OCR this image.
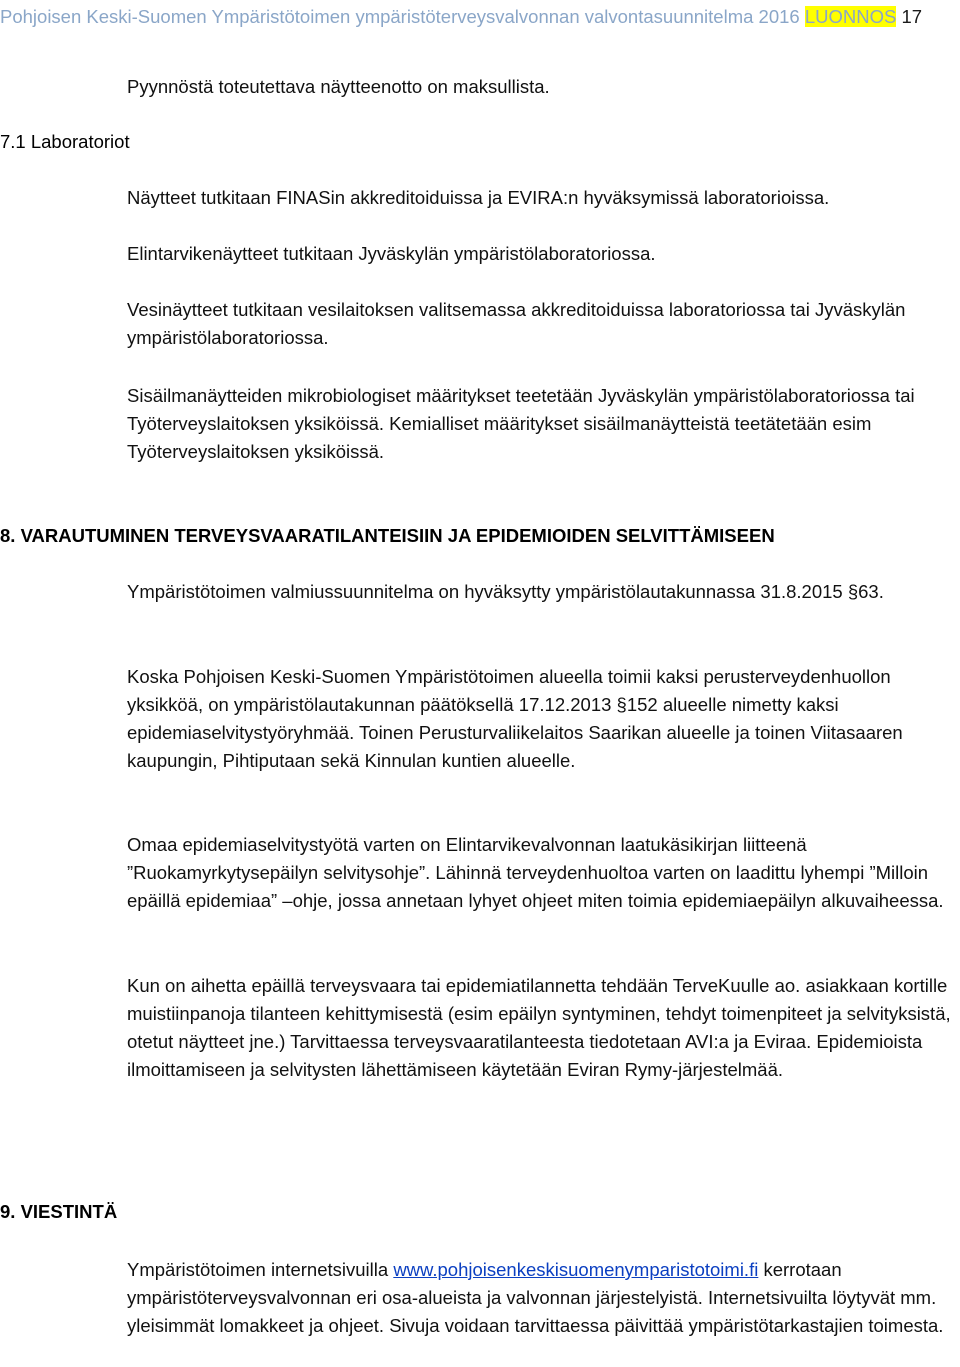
Pohjoisen Keski-Suomen Ympäristötoimen ympäristöterveysvalvonnan valvontasuunnitelma 2016 LUONNOS 17

Pyynnöstä toteutettava näytteenotto on maksullista.

7.1 Laboratoriot

Näytteet tutkitaan FINASin akkreditoiduissa ja EVIRA:n hyväksymissä laboratorioissa.

Elintarvikenäytteet tutkitaan Jyväskylän ympäristölaboratoriossa.

Vesinäytteet tutkitaan vesilaitoksen valitsemassa akkreditoiduissa laboratoriossa tai Jyväskylän ympäristölaboratoriossa.

Sisäilmanäytteiden mikrobiologiset määritykset teetetään Jyväskylän ympäristölaboratoriossa tai Työterveyslaitoksen yksiköissä. Kemialliset määritykset sisäilmanäytteistä teetätetään esim Työterveyslaitoksen yksiköissä.

8. VARAUTUMINEN TERVEYSVAARATILANTEISIIN JA EPIDEMIOIDEN SELVITTÄMISEEN

Ympäristötoimen valmiussuunnitelma on hyväksytty ympäristölautakunnassa 31.8.2015 §63.

Koska Pohjoisen Keski-Suomen Ympäristötoimen alueella toimii kaksi perusterveydenhuollon yksikköä, on ympäristölautakunnan päätöksellä 17.12.2013 §152 alueelle nimetty kaksi epidemiaselvitystyöryhmää. Toinen Perusturvaliikelaitos Saarikan alueelle ja toinen Viitasaaren kaupungin, Pihtiputaan sekä Kinnulan kuntien alueelle.

Omaa epidemiaselvitystyötä varten on Elintarvikevalvonnan laatukäsikirjan liitteenä ”Ruokamyrkytysepäilyn selvitysohje”. Lähinnä terveydenhuoltoa varten on laadittu lyhempi ”Milloin epäillä epidemiaa” –ohje, jossa annetaan lyhyet ohjeet miten toimia epidemiaepäilyn alkuvaiheessa.

Kun on aihetta epäillä terveysvaara tai epidemiatilannetta tehdään TerveKuulle ao. asiakkaan kortille muistiinpanoja tilanteen kehittymisestä (esim epäilyn syntyminen, tehdyt toimenpiteet ja selvityksistä, otetut näytteet jne.) Tarvittaessa terveysvaaratilanteesta tiedotetaan AVI:a ja Eviraa. Epidemioista ilmoittamiseen ja selvitysten lähettämiseen käytetään Eviran Rymy-järjestelmää.

9. VIESTINTÄ

Ympäristötoimen internetsivuilla www.pohjoisenkeskisuomenymparistotoimi.fi kerrotaan ympäristöterveysvalvonnan eri osa-alueista ja valvonnan järjestelyistä. Internetsivuilta löytyvät mm. yleisimmät lomakkeet ja ohjeet. Sivuja voidaan tarvittaessa päivittää ympäristötarkastajien toimesta.
